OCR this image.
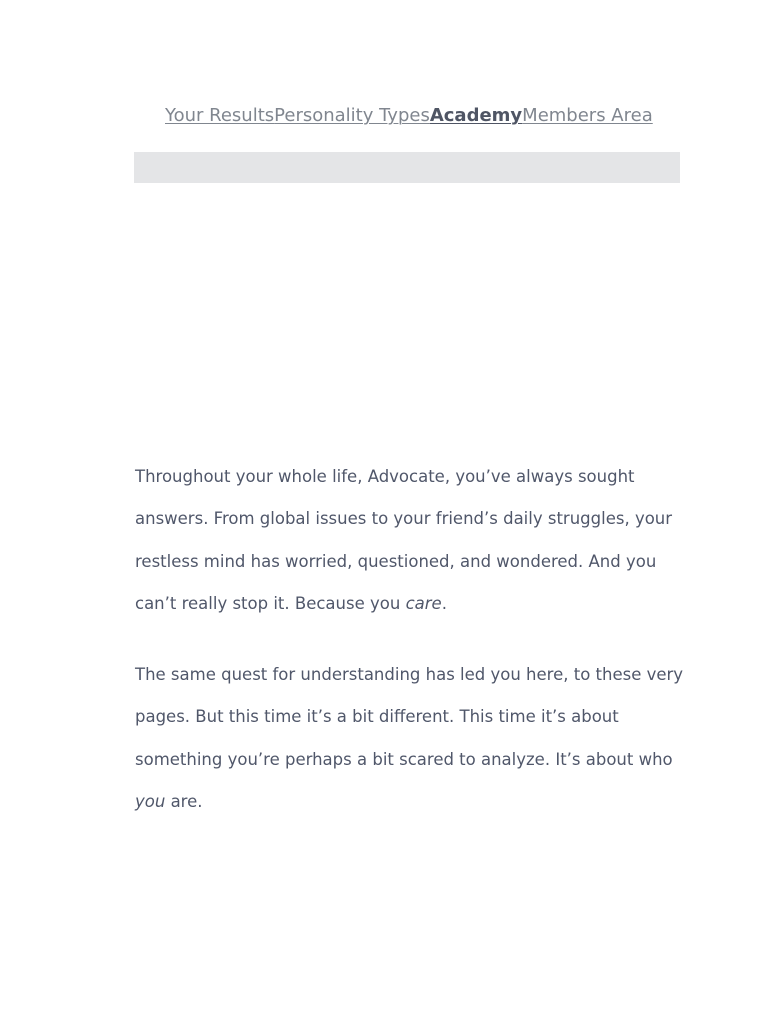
Your ResultsPersonality TypesAcademyMembers Area

Throughout your whole life, Advocate, you’ve always sought answers. From global issues to your friend’s daily struggles, your restless mind has worried, questioned, and wondered. And you can’t really stop it. Because you care.

The same quest for understanding has led you here, to these very pages. But this time it’s a bit different. This time it’s about something you’re perhaps a bit scared to analyze. It’s about who you are.
